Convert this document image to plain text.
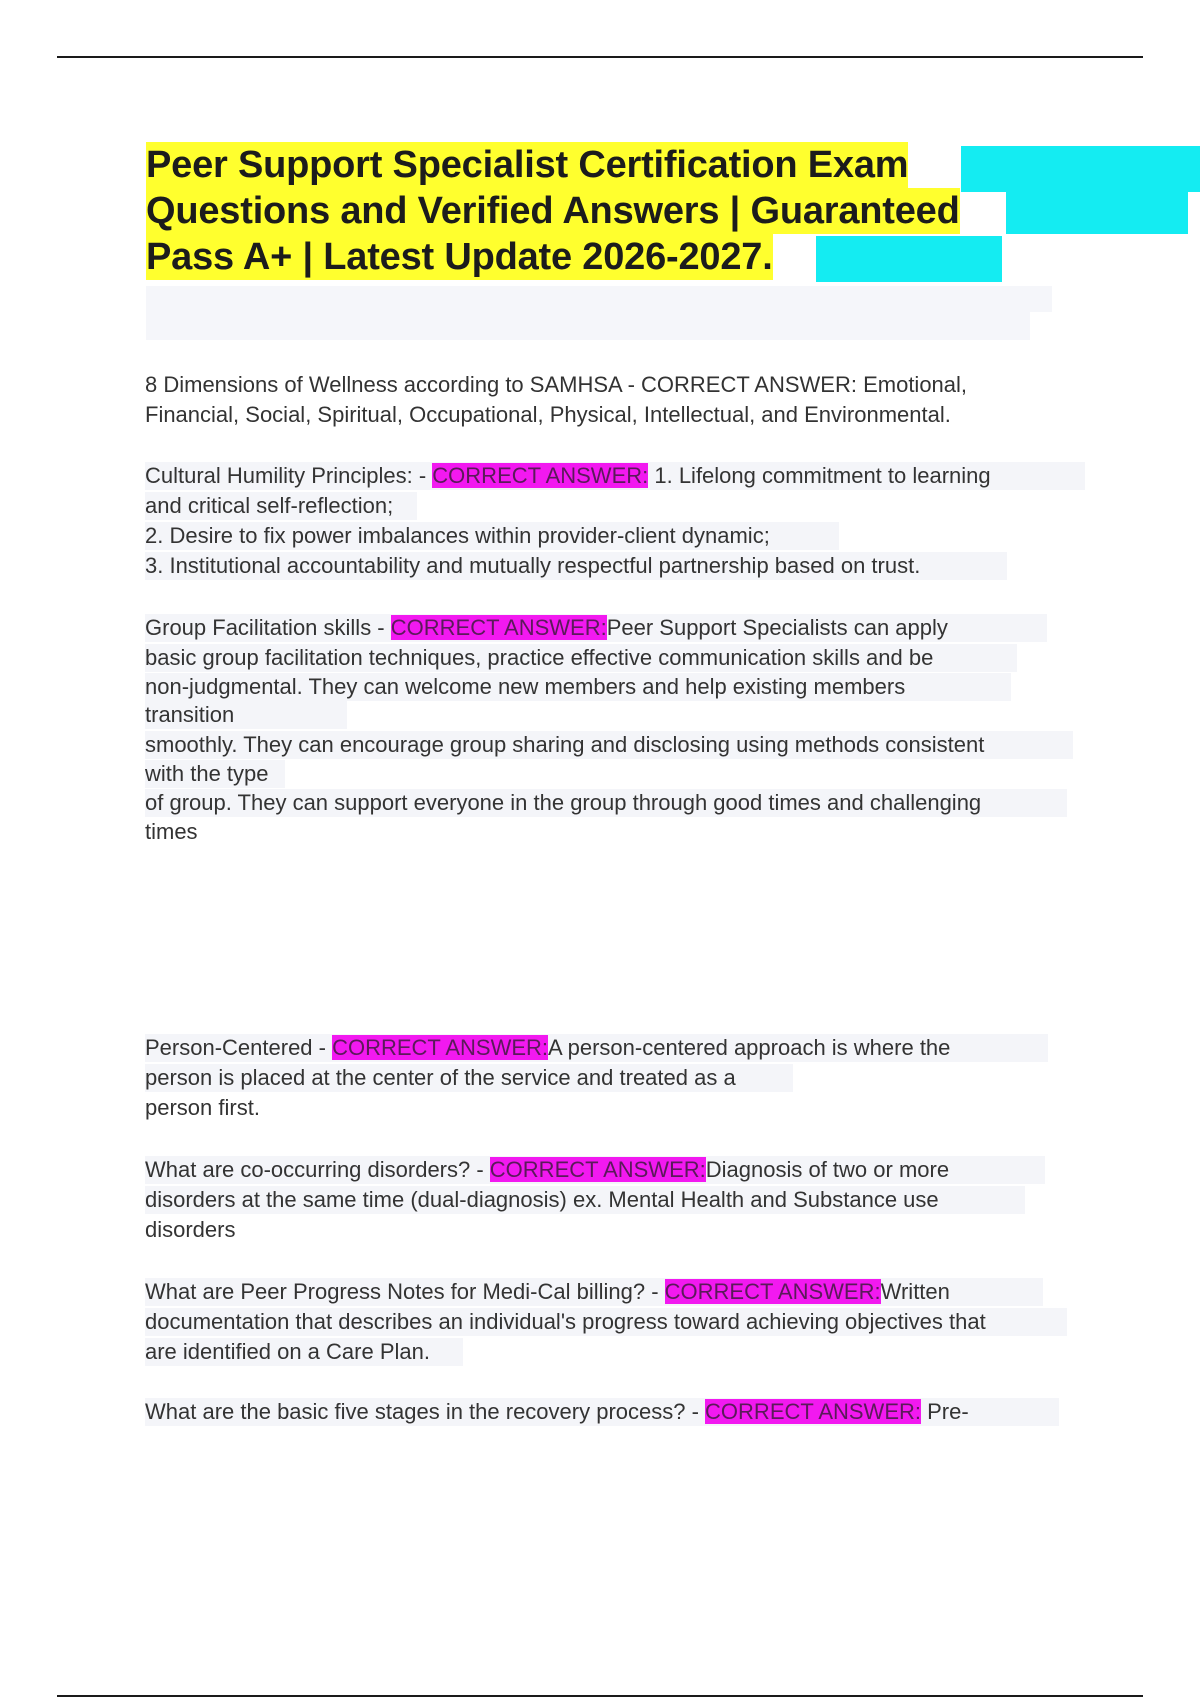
Peer Support Specialist Certification Exam
Questions and Verified Answers | Guaranteed
Pass A+ | Latest Update 2026-2027.
8 Dimensions of Wellness according to SAMHSA - CORRECT ANSWER: Emotional,
Financial, Social, Spiritual, Occupational, Physical, Intellectual, and Environmental.
Cultural Humility Principles: - CORRECT ANSWER: 1. Lifelong commitment to learning
and critical self-reflection;
2. Desire to fix power imbalances within provider-client dynamic;
3. Institutional accountability and mutually respectful partnership based on trust.
Group Facilitation skills - CORRECT ANSWER:Peer Support Specialists can apply
basic group facilitation techniques, practice effective communication skills and be
non-judgmental. They can welcome new members and help existing members
transition
smoothly. They can encourage group sharing and disclosing using methods consistent
with the type
of group. They can support everyone in the group through good times and challenging
times
Person-Centered - CORRECT ANSWER:A person-centered approach is where the
person is placed at the center of the service and treated as a
person first.
What are co-occurring disorders? - CORRECT ANSWER:Diagnosis of two or more
disorders at the same time (dual-diagnosis) ex. Mental Health and Substance use
disorders
What are Peer Progress Notes for Medi-Cal billing? - CORRECT ANSWER:Written
documentation that describes an individual's progress toward achieving objectives that
are identified on a Care Plan.
What are the basic five stages in the recovery process? - CORRECT ANSWER: Pre-
